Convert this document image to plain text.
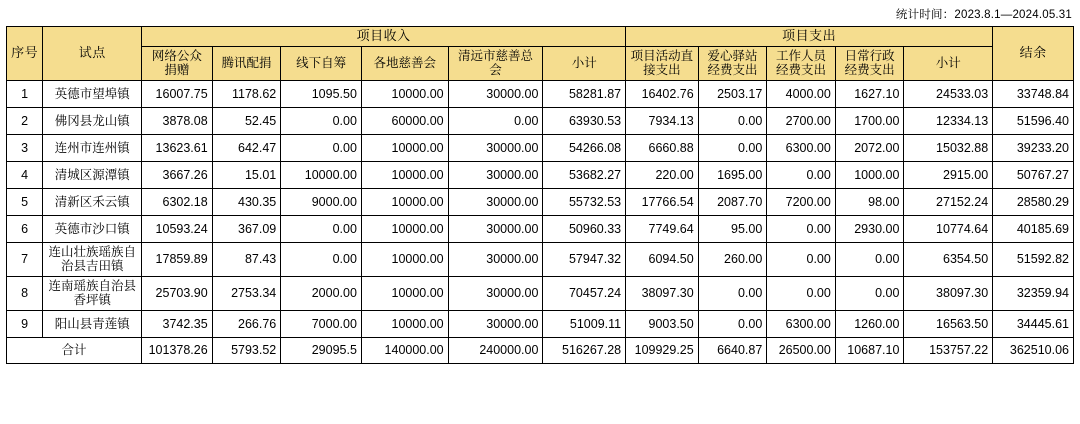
统计时间：2023.8.1—2024.05.31
序号	试点	项目收入						项目支出					结余
		网络公众捐赠	腾讯配捐	线下自筹	各地慈善会	清远市慈善总会	小计	项目活动直接支出	爱心驿站经费支出	工作人员经费支出	日常行政经费支出	小计	
1	英德市望埠镇	16007.75	1178.62	1095.50	10000.00	30000.00	58281.87	16402.76	2503.17	4000.00	1627.10	24533.03	33748.84
2	佛冈县龙山镇	3878.08	52.45	0.00	60000.00	0.00	63930.53	7934.13	0.00	2700.00	1700.00	12334.13	51596.40
3	连州市连州镇	13623.61	642.47	0.00	10000.00	30000.00	54266.08	6660.88	0.00	6300.00	2072.00	15032.88	39233.20
4	清城区源潭镇	3667.26	15.01	10000.00	10000.00	30000.00	53682.27	220.00	1695.00	0.00	1000.00	2915.00	50767.27
5	清新区禾云镇	6302.18	430.35	9000.00	10000.00	30000.00	55732.53	17766.54	2087.70	7200.00	98.00	27152.24	28580.29
6	英德市沙口镇	10593.24	367.09	0.00	10000.00	30000.00	50960.33	7749.64	95.00	0.00	2930.00	10774.64	40185.69
7	连山壮族瑶族自治县吉田镇	17859.89	87.43	0.00	10000.00	30000.00	57947.32	6094.50	260.00	0.00	0.00	6354.50	51592.82
8	连南瑶族自治县香坪镇	25703.90	2753.34	2000.00	10000.00	30000.00	70457.24	38097.30	0.00	0.00	0.00	38097.30	32359.94
9	阳山县青莲镇	3742.35	266.76	7000.00	10000.00	30000.00	51009.11	9003.50	0.00	6300.00	1260.00	16563.50	34445.61
合计		101378.26	5793.52	29095.5	140000.00	240000.00	516267.28	109929.25	6640.87	26500.00	10687.10	153757.22	362510.06
